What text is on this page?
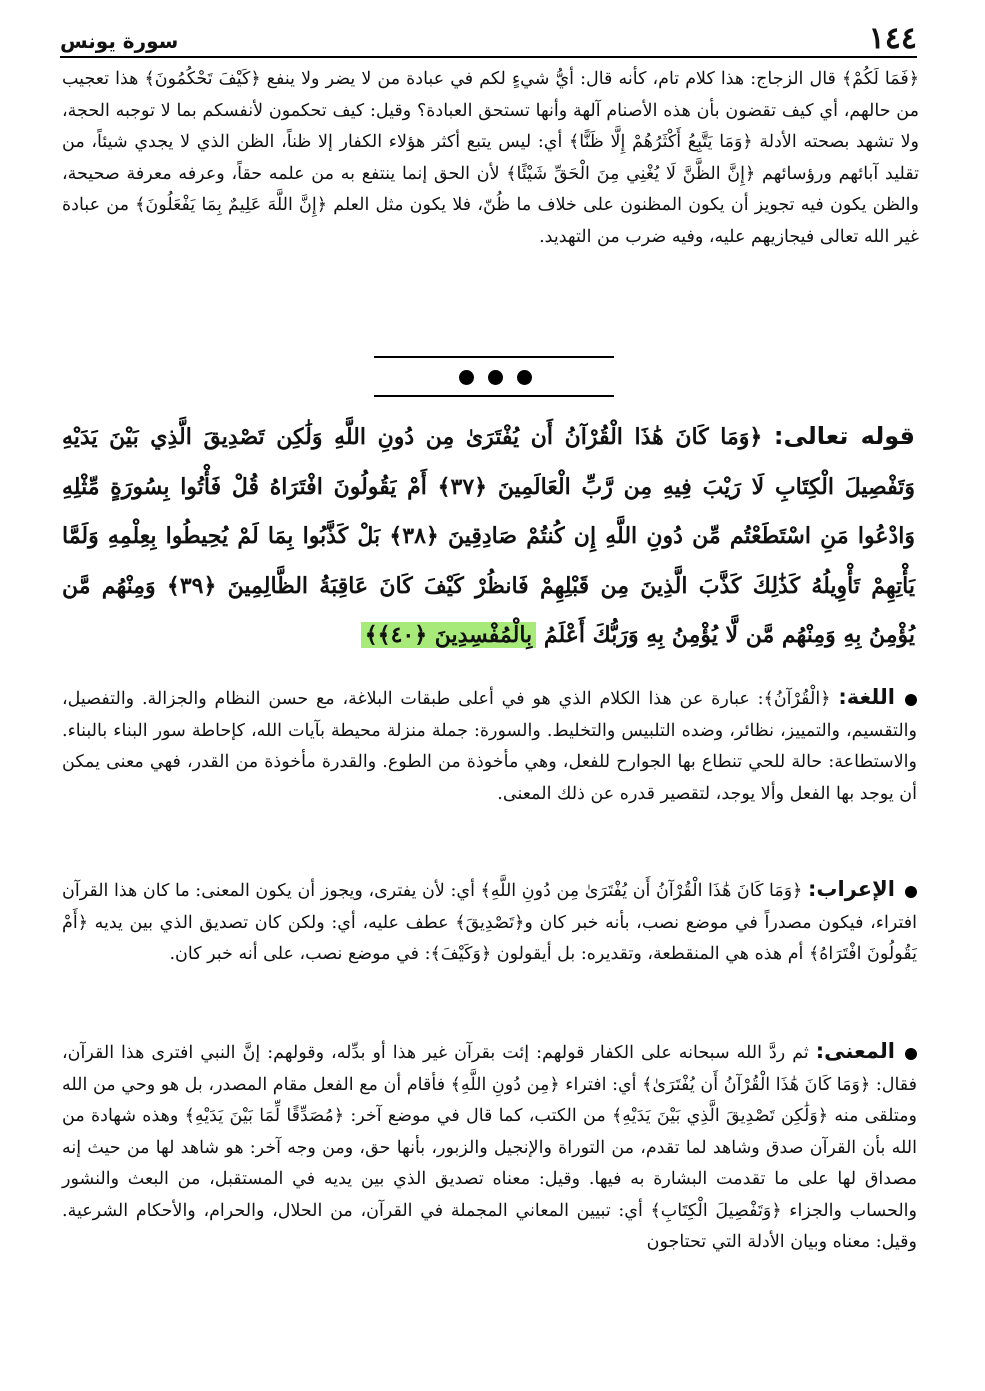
١٤٤
سورة يونس

﴿فَمَا لَكُمْ﴾ قال الزجاج: هذا كلام تام، كأنه قال: أيُّ شيءٍ لكم في عبادة من لا يضر ولا ينفع ﴿كَيْفَ تَحْكُمُونَ﴾ هذا تعجيب من حالهم، أي كيف تقضون بأن هذه الأصنام آلهة وأنها تستحق العبادة؟ وقيل: كيف تحكمون لأنفسكم بما لا توجبه الحجة، ولا تشهد بصحته الأدلة ﴿وَمَا يَتَّبِعُ أَكْثَرُهُمْ إِلَّا ظَنًّا﴾ أي: ليس يتبع أكثر هؤلاء الكفار إلا ظناً، الظن الذي لا يجدي شيئاً، من تقليد آبائهم ورؤسائهم ﴿إِنَّ الظَّنَّ لَا يُغْنِي مِنَ الْحَقِّ شَيْئًا﴾ لأن الحق إنما ينتفع به من علمه حقاً، وعرفه معرفة صحيحة، والظن يكون فيه تجويز أن يكون المظنون على خلاف ما ظُنّ، فلا يكون مثل العلم ﴿إِنَّ اللَّهَ عَلِيمٌ بِمَا يَفْعَلُونَ﴾ من عبادة غير الله تعالى فيجازيهم عليه، وفيه ضرب من التهديد.

قوله تعالى: ﴿وَمَا كَانَ هَٰذَا الْقُرْآنُ أَن يُفْتَرَىٰ مِن دُونِ اللَّهِ وَلَٰكِن تَصْدِيقَ الَّذِي بَيْنَ يَدَيْهِ وَتَفْصِيلَ الْكِتَابِ لَا رَيْبَ فِيهِ مِن رَّبِّ الْعَالَمِينَ ﴿٣٧﴾ أَمْ يَقُولُونَ افْتَرَاهُ قُلْ فَأْتُوا بِسُورَةٍ مِّثْلِهِ وَادْعُوا مَنِ اسْتَطَعْتُم مِّن دُونِ اللَّهِ إِن كُنتُمْ صَادِقِينَ ﴿٣٨﴾ بَلْ كَذَّبُوا بِمَا لَمْ يُحِيطُوا بِعِلْمِهِ وَلَمَّا يَأْتِهِمْ تَأْوِيلُهُ كَذَٰلِكَ كَذَّبَ الَّذِينَ مِن قَبْلِهِمْ فَانظُرْ كَيْفَ كَانَ عَاقِبَةُ الظَّالِمِينَ ﴿٣٩﴾ وَمِنْهُم مَّن يُؤْمِنُ بِهِ وَمِنْهُم مَّن لَّا يُؤْمِنُ بِهِ وَرَبُّكَ أَعْلَمُ بِالْمُفْسِدِينَ ﴿٤٠﴾﴾

اللغة: ﴿الْقُرْآنُ﴾: عبارة عن هذا الكلام الذي هو في أعلى طبقات البلاغة، مع حسن النظام والجزالة. والتفصيل، والتقسيم، والتمييز، نظائر، وضده التلبيس والتخليط. والسورة: جملة منزلة محيطة بآيات الله، كإحاطة سور البناء بالبناء. والاستطاعة: حالة للحي تنطاع بها الجوارح للفعل، وهي مأخوذة من الطوع. والقدرة مأخوذة من القدر، فهي معنى يمكن أن يوجد بها الفعل وألا يوجد، لتقصير قدره عن ذلك المعنى.

الإعراب: ﴿وَمَا كَانَ هَٰذَا الْقُرْآنُ أَن يُفْتَرَىٰ مِن دُونِ اللَّهِ﴾ أي: لأن يفترى، ويجوز أن يكون المعنى: ما كان هذا القرآن افتراء، فيكون مصدراً في موضع نصب، بأنه خبر كان و﴿تَصْدِيقَ﴾ عطف عليه، أي: ولكن كان تصديق الذي بين يديه ﴿أَمْ يَقُولُونَ افْتَرَاهُ﴾ أم هذه هي المنقطعة، وتقديره: بل أيقولون ﴿وَكَيْفَ﴾: في موضع نصب، على أنه خبر كان.

المعنى: ثم ردَّ الله سبحانه على الكفار قولهم: إئت بقرآن غير هذا أو بدِّله، وقولهم: إنَّ النبي افترى هذا القرآن، فقال: ﴿وَمَا كَانَ هَٰذَا الْقُرْآنُ أَن يُفْتَرَىٰ﴾ أي: افتراء ﴿مِن دُونِ اللَّهِ﴾ فأقام أن مع الفعل مقام المصدر، بل هو وحي من الله ومتلقى منه ﴿وَلَٰكِن تَصْدِيقَ الَّذِي بَيْنَ يَدَيْهِ﴾ من الكتب، كما قال في موضع آخر: ﴿مُصَدِّقًا لِّمَا بَيْنَ يَدَيْهِ﴾ وهذه شهادة من الله بأن القرآن صدق وشاهد لما تقدم، من التوراة والإنجيل والزبور، بأنها حق، ومن وجه آخر: هو شاهد لها من حيث إنه مصداق لها على ما تقدمت البشارة به فيها. وقيل: معناه تصديق الذي بين يديه في المستقبل، من البعث والنشور والحساب والجزاء ﴿وَتَفْصِيلَ الْكِتَابِ﴾ أي: تبيين المعاني المجملة في القرآن، من الحلال، والحرام، والأحكام الشرعية. وقيل: معناه وبيان الأدلة التي تحتاجون
